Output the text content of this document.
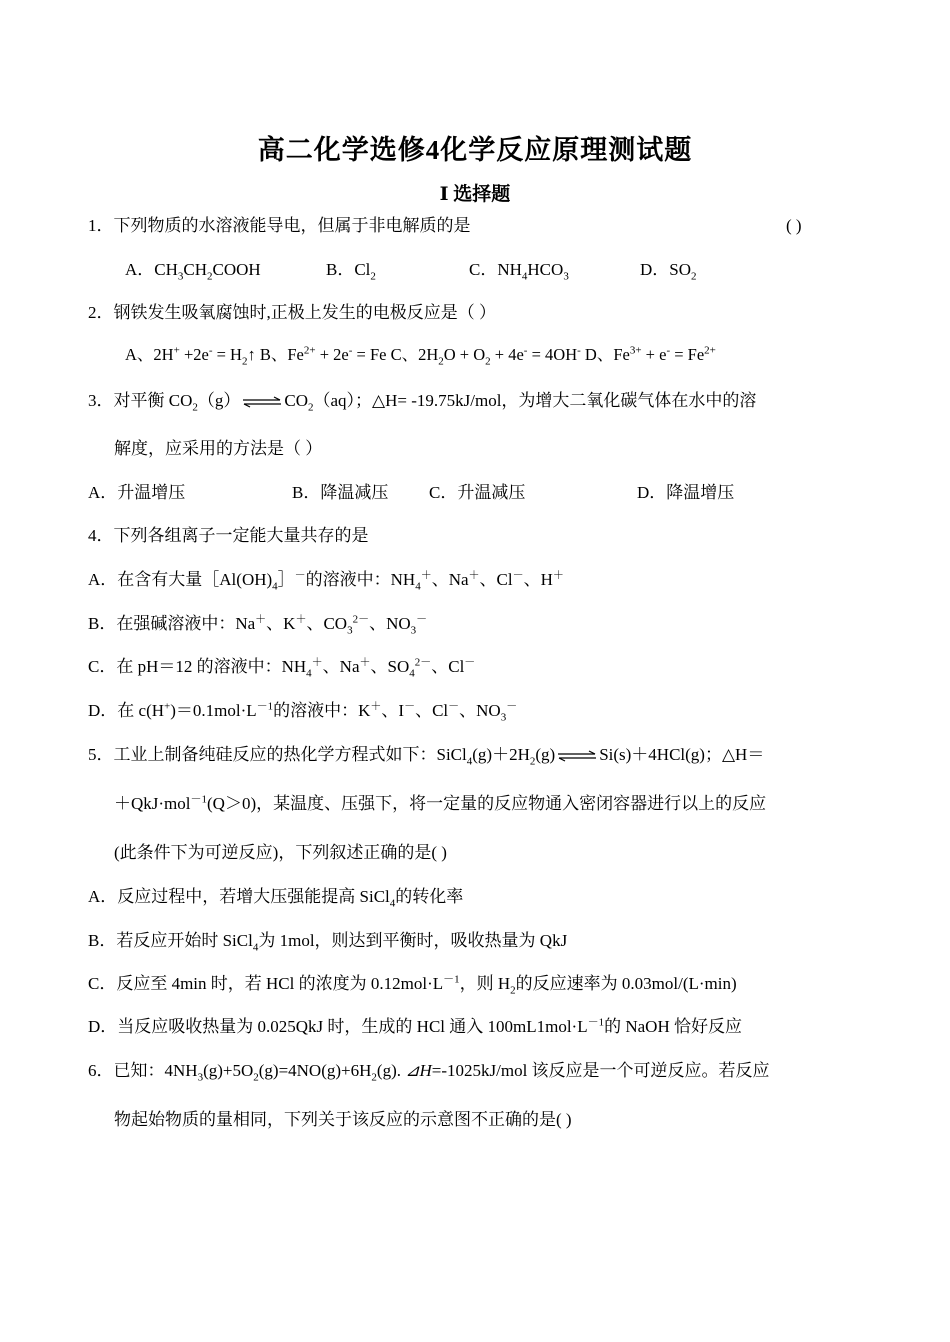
高二化学选修4化学反应原理测试题
Ⅰ 选择题
1．下列物质的水溶液能导电，但属于非电解质的是	( )
A．$CH_3CH_2COOH$	B．$Cl_2$	C．$NH_4HCO_3$	D．$SO_2$
2．钢铁发生吸氧腐蚀时,正极上发生的电极反应是（ ）
A、$2H^+ +2e^- = H_2↑$ B、$Fe^{2+} + 2e^- = Fe$ C、$2H_2O + O_2 + 4e^- = 4OH^-$ D、$Fe^{3+} + e^- = Fe^{2+}$
3．对平衡 $CO_2(g)$ ⇌ $CO_2(aq)$；△H= -19.75kJ/mol，为增大二氧化碳气体在水中的溶
解度，应采用的方法是（ ）
A．升温增压	B．降温减压 C．升温减压	D．降温增压
4．下列各组离子一定能大量共存的是
A．在含有大量$[Al(OH)_4]^-$的溶液中：$NH_4^+$、Na＋、Cl－、H＋
B．在强碱溶液中：Na＋、K＋、$CO_3^{2-}$、$NO_3^-$
C．在 pH＝12 的溶液中：$NH_4^+$、Na＋、$SO_4^{2-}$、Cl－
D．在 $c(H^+)=0.1mol\cdot L^{-1}$的溶液中：K＋、I－、Cl－、$NO_3^-$
5．工业上制备纯硅反应的热化学方程式如下：$SiCl_4(g)+2H_2(g)$ ⇌ Si(s)＋4HCl(g)；△H＝
＋QkJ·mol$^{-1}$(Q＞0)，某温度、压强下，将一定量的反应物通入密闭容器进行以上的反应
(此条件下为可逆反应)，下列叙述正确的是( )
A．反应过程中，若增大压强能提高 SiCl$_4$的转化率
B．若反应开始时 SiCl$_4$为 1mol，则达到平衡时，吸收热量为 QkJ
C．反应至 4min 时，若 HCl 的浓度为 $0.12mol\cdot L^{-1}$，则 $H_2$的反应速率为 0.03mol/(L·min)
D．当反应吸收热量为 0.025QkJ 时，生成的 HCl 通入 $100mL1mol\cdot L^{-1}$的 NaOH 恰好反应
6．已知：$4NH_3(g)+5O_2(g)=4NO(g)+6H_2(g)$. ⊿H=-1025kJ/mol 该反应是一个可逆反应。若反应
物起始物质的量相同，下列关于该反应的示意图不正确的是( )
